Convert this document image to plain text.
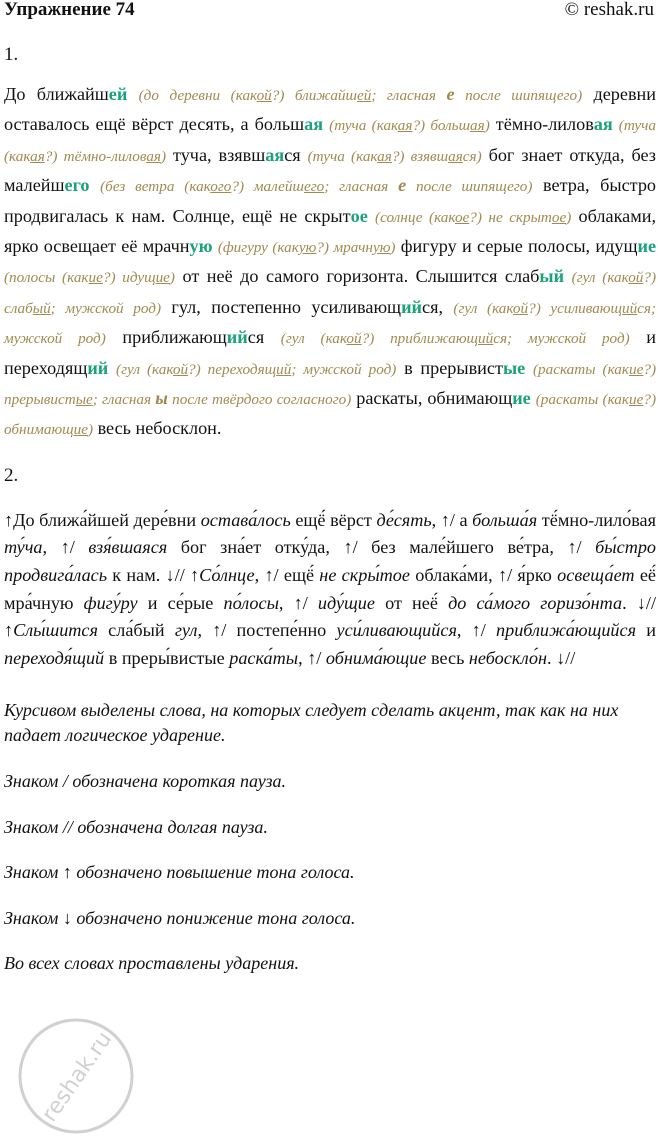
Упражнение 74	© reshak.ru
1.

До ближайшей (до деревни (какой?) ближайшей; гласная е после шипящего) деревни оставалось ещё вёрст десять, а большая (туча (какая?) большая) тёмно-лиловая (туча (какая?) тёмно-лиловая) туча, взявшаяся (туча (какая?) взявшаяся) бог знает откуда, без малейшего (без ветра (какого?) малейшего; гласная е после шипящего) ветра, быстро продвигалась к нам. Солнце, ещё не скрытое (солнце (какое?) не скрытое) облаками, ярко освещает её мрачную (фигуру (какую?) мрачную) фигуру и серые полосы, идущие (полосы (какие?) идущие) от неё до самого горизонта. Слышится слабый (гул (какой?) слабый; мужской род) гул, постепенно усиливающийся, (гул (какой?) усиливающийся; мужской род) приближающийся (гул (какой?) приближающийся; мужской род) и переходящий (гул (какой?) переходящий; мужской род) в прерывистые (раскаты (какие?) прерывистые; гласная ы после твёрдого согласного) раскаты, обнимающие (раскаты (какие?) обнимающие) весь небосклон.

2.

↑До ближа́йшей дере́вни остава́лось ещё́ вёрст де́сять, ↑/ а больша́я тё́мно-лило́вая ту́ча, ↑/ взя́вшаяся бог зна́ет отку́да, ↑/ без мале́йшего ве́тра, ↑/ бы́стро продвига́лась к нам. ↓// ↑Со́лнце, ↑/ ещё́ не скры́тое облака́ми, ↑/ я́рко освеща́ет её́ мра́чную фигу́ру и се́рые по́лосы, ↑/ иду́щие от неё́ до са́мого горизо́нта. ↓// ↑Слы́шится сла́бый гул, ↑/ постепе́нно уси́ливающийся, ↑/ приближа́ющийся и переходя́щий в преры́вистые раска́ты, ↑/ обнима́ющие весь небоскло́н. ↓//

Курсивом выделены слова, на которых следует сделать акцент, так как на них падает логическое ударение.

Знаком / обозначена короткая пауза.

Знаком // обозначена долгая пауза.

Знаком ↑ обозначено повышение тона голоса.

Знаком ↓ обозначено понижение тона голоса.

Во всех словах проставлены ударения.

reshak.ru
